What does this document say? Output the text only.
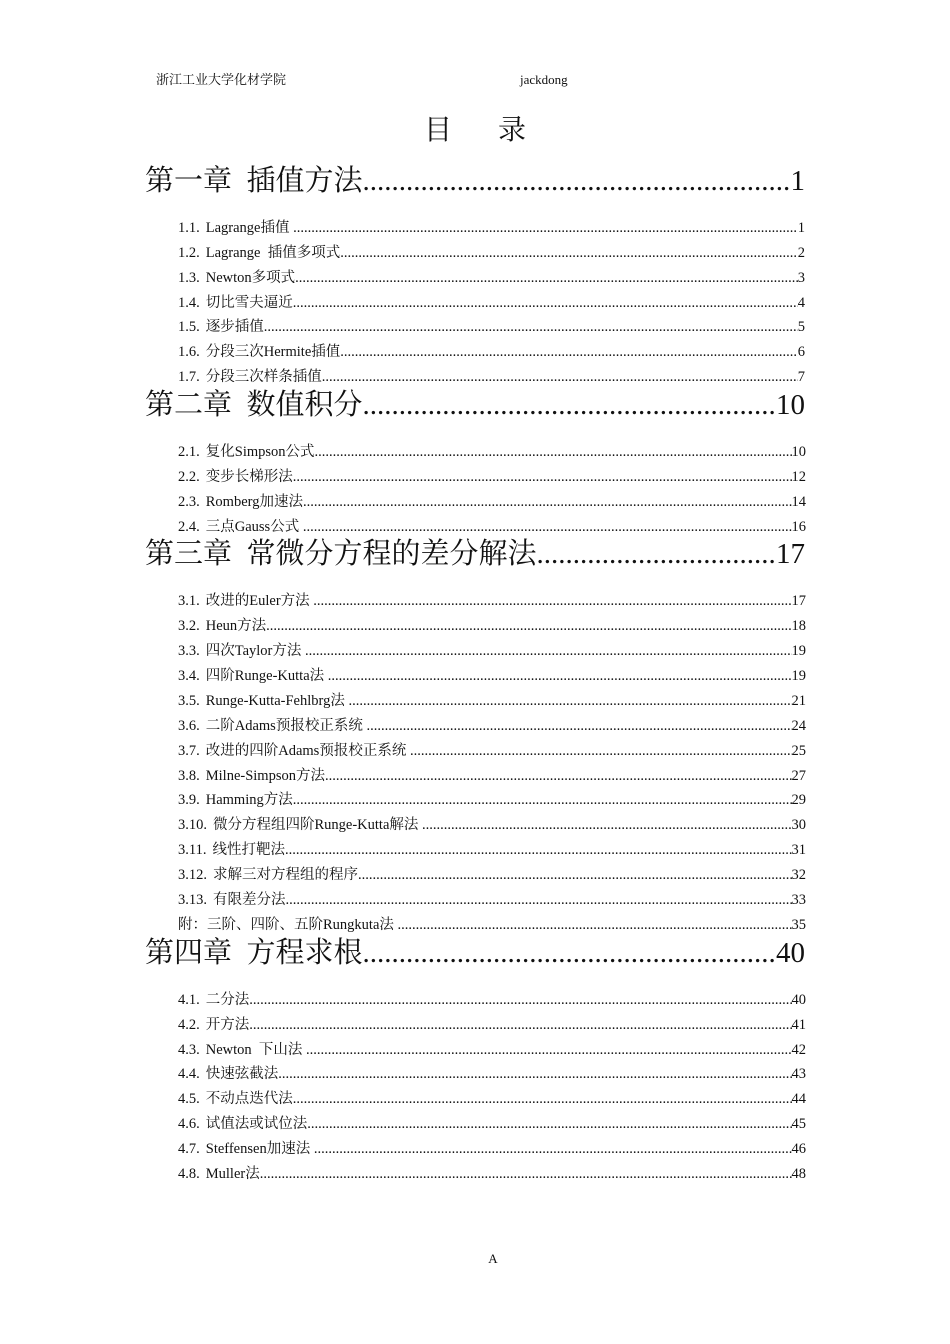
浙江工业大学化材学院	jackdong
目录
第一章  插值方法 .....	1
1.1. Lagrange插值 .....	1
1.2. Lagrange  插值多项式 .....	2
1.3. Newton多项式 .....	3
1.4. 切比雪夫逼近 .....	4
1.5. 逐步插值 .....	5
1.6. 分段三次Hermite插值 .....	6
1.7. 分段三次样条插值 .....	7
第二章  数值积分 .....	10
2.1. 复化Simpson公式 .....	10
2.2. 变步长梯形法 .....	12
2.3. Romberg加速法 .....	14
2.4. 三点Gauss公式 .....	16
第三章  常微分方程的差分解法 .....	17
3.1. 改进的Euler方法 .....	17
3.2. Heun方法 .....	18
3.3. 四次Taylor方法 .....	19
3.4. 四阶Runge-Kutta法 .....	19
3.5. Runge-Kutta-Fehlbrg法 .....	21
3.6. 二阶Adams预报校正系统 .....	24
3.7. 改进的四阶Adams预报校正系统 .....	25
3.8. Milne-Simpson方法 .....	27
3.9. Hamming方法 .....	29
3.10. 微分方程组四阶Runge-Kutta解法 .....	30
3.11. 线性打靶法 .....	31
3.12. 求解三对方程组的程序 .....	32
3.13. 有限差分法 .....	33
附：三阶、四阶、五阶Rungkuta法 .....	35
第四章  方程求根 .....	40
4.1. 二分法 .....	40
4.2. 开方法 .....	41
4.3. Newton  下山法 .....	42
4.4. 快速弦截法 .....	43
4.5. 不动点迭代法 .....	44
4.6. 试值法或试位法 .....	45
4.7. Steffensen加速法 .....	46
4.8. Muller法 .....	48
A
